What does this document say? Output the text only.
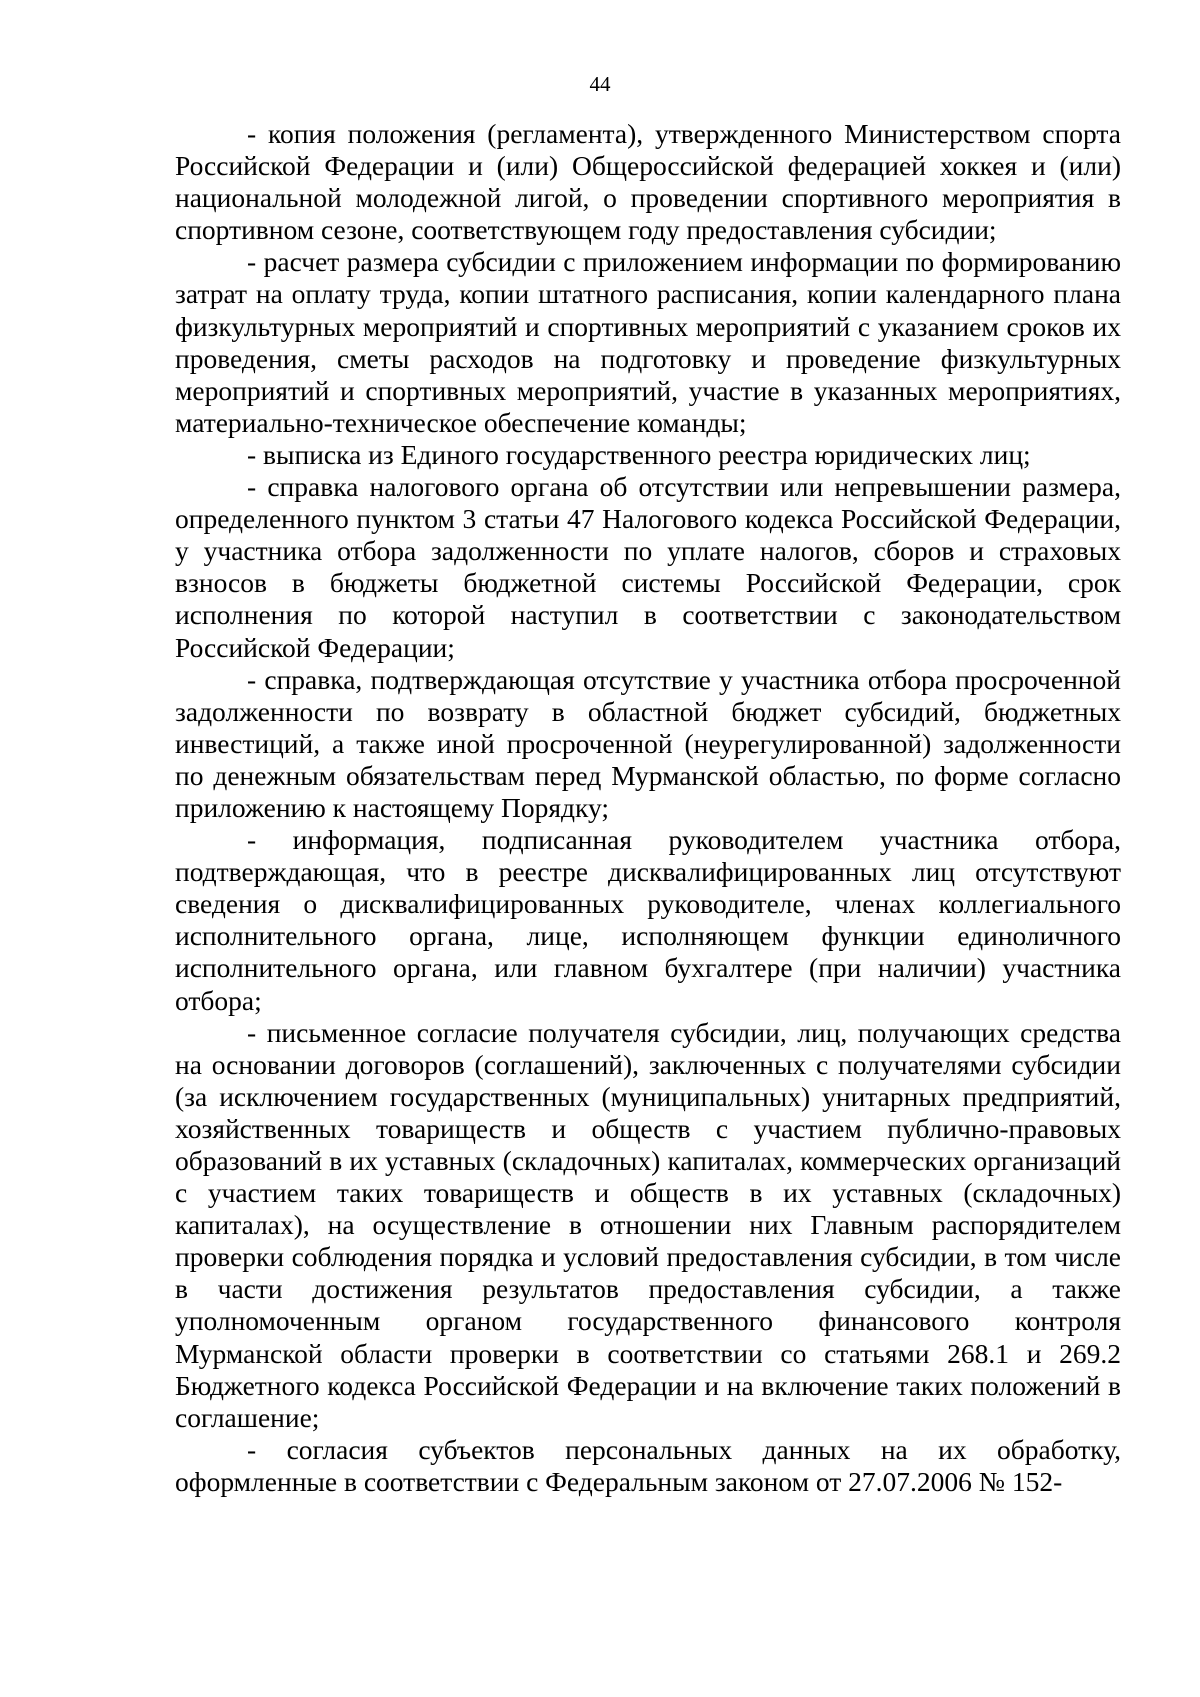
44

- копия положения (регламента), утвержденного Министерством спорта Российской Федерации и (или) Общероссийской федерацией хоккея и (или) национальной молодежной лигой, о проведении спортивного мероприятия в спортивном сезоне, соответствующем году предоставления субсидии;

- расчет размера субсидии с приложением информации по формированию затрат на оплату труда, копии штатного расписания, копии календарного плана физкультурных мероприятий и спортивных мероприятий с указанием сроков их проведения, сметы расходов на подготовку и проведение физкультурных мероприятий и спортивных мероприятий, участие в указанных мероприятиях, материально-техническое обеспечение команды;

- выписка из Единого государственного реестра юридических лиц;

- справка налогового органа об отсутствии или непревышении размера, определенного пунктом 3 статьи 47 Налогового кодекса Российской Федерации, у участника отбора задолженности по уплате налогов, сборов и страховых взносов в бюджеты бюджетной системы Российской Федерации, срок исполнения по которой наступил в соответствии с законодательством Российской Федерации;

- справка, подтверждающая отсутствие у участника отбора просроченной задолженности по возврату в областной бюджет субсидий, бюджетных инвестиций, а также иной просроченной (неурегулированной) задолженности по денежным обязательствам перед Мурманской областью, по форме согласно приложению к настоящему Порядку;

- информация, подписанная руководителем участника отбора, подтверждающая, что в реестре дисквалифицированных лиц отсутствуют сведения о дисквалифицированных руководителе, членах коллегиального исполнительного органа, лице, исполняющем функции единоличного исполнительного органа, или главном бухгалтере (при наличии) участника отбора;

- письменное согласие получателя субсидии, лиц, получающих средства на основании договоров (соглашений), заключенных с получателями субсидии (за исключением государственных (муниципальных) унитарных предприятий, хозяйственных товариществ и обществ с участием публично-правовых образований в их уставных (складочных) капиталах, коммерческих организаций с участием таких товариществ и обществ в их уставных (складочных) капиталах), на осуществление в отношении них Главным распорядителем проверки соблюдения порядка и условий предоставления субсидии, в том числе в части достижения результатов предоставления субсидии, а также уполномоченным органом государственного финансового контроля Мурманской области проверки в соответствии со статьями 268.1 и 269.2 Бюджетного кодекса Российской Федерации и на включение таких положений в соглашение;

- согласия субъектов персональных данных на их обработку, оформленные в соответствии с Федеральным законом от 27.07.2006 № 152-
